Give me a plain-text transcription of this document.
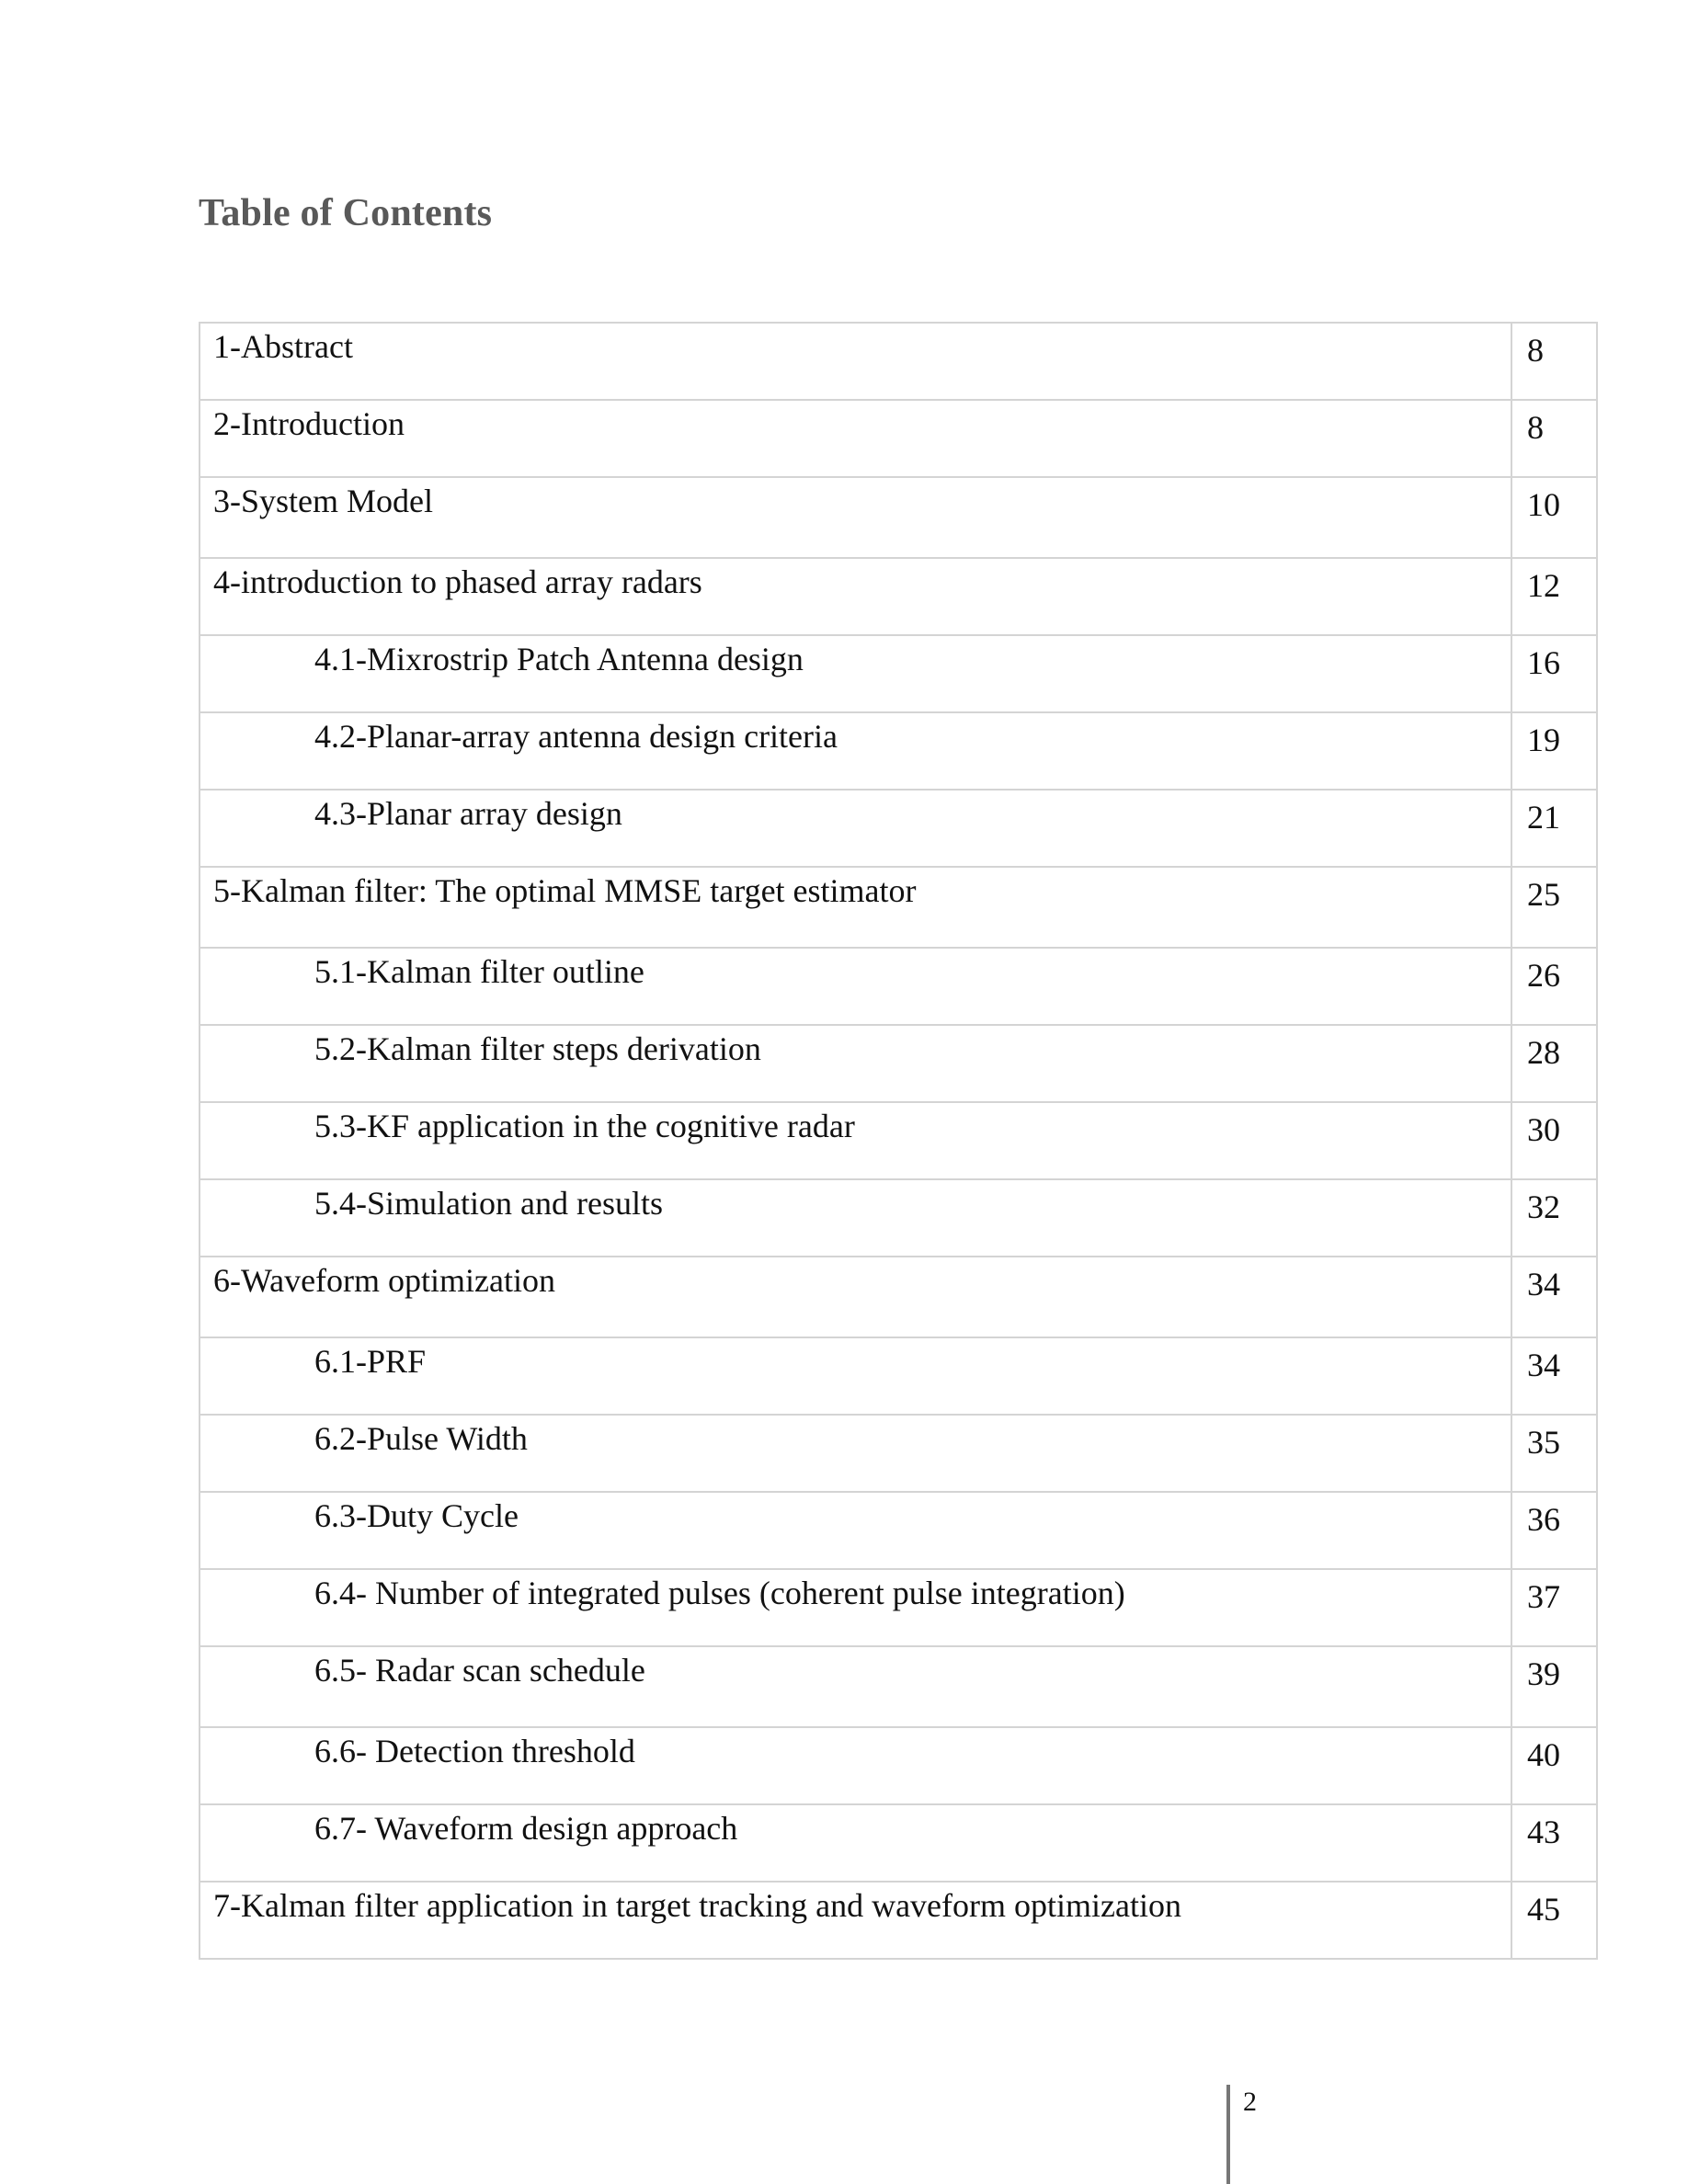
Table of Contents
1-Abstract	8

2-Introduction	8

3-System Model	10

4-introduction to phased array radars	12

4.1-Mixrostrip Patch Antenna design	16

4.2-Planar-array antenna design criteria	19

4.3-Planar array design	21

5-Kalman filter: The optimal MMSE target estimator	25

5.1-Kalman filter outline	26

5.2-Kalman filter steps derivation	28

5.3-KF application in the cognitive radar	30

5.4-Simulation and results	32

6-Waveform optimization	34

6.1-PRF	34

6.2-Pulse Width	35

6.3-Duty Cycle	36

6.4- Number of integrated pulses (coherent pulse integration)	37

6.5- Radar scan schedule	39

6.6- Detection threshold	40

6.7- Waveform design approach	43

7-Kalman filter application in target tracking and waveform optimization	45
2
